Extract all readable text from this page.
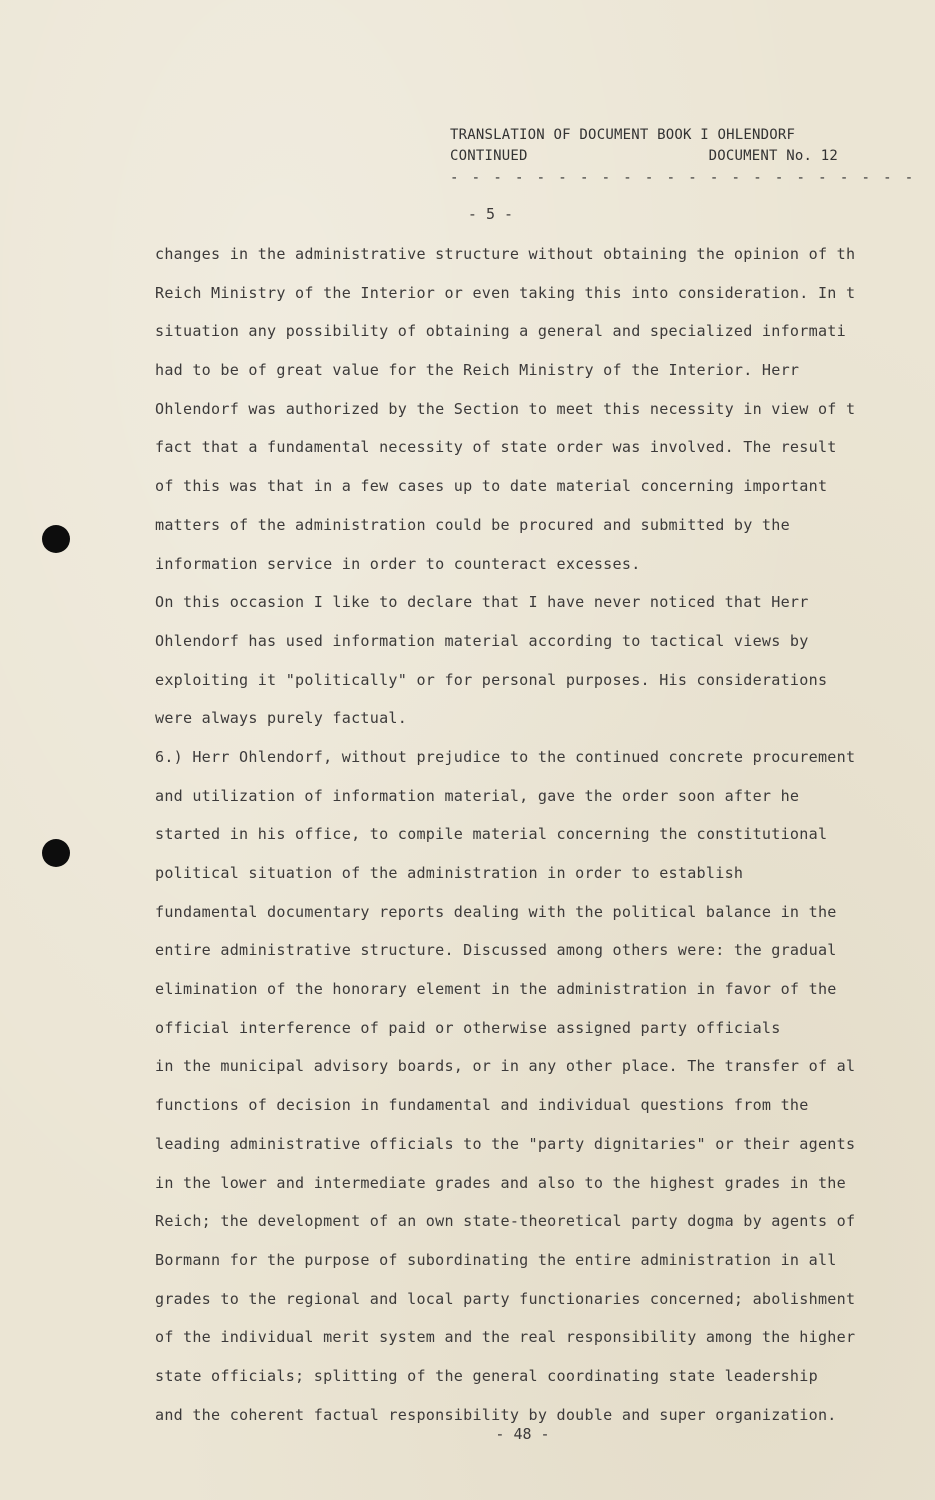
TRANSLATION OF DOCUMENT BOOK I OHLENDORF
CONTINUED	DOCUMENT No. 12
- - - - - - - - - - - - - - - - - - - - - -
- 5 -
changes in the administrative structure without obtaining the opinion of th
Reich Ministry of the Interior or even taking this into consideration. In t
situation any possibility of obtaining a general and specialized informati
had to be of great value for the Reich Ministry of the Interior. Herr
Ohlendorf was authorized by the Section to meet this necessity in view of t
fact that a fundamental necessity of state order was involved. The result
of this was that in a few cases up to date material concerning important
matters of the administration could be procured and submitted by the
information service in order to counteract excesses.
On this occasion I like to declare that I have never noticed that Herr
Ohlendorf has used information material according to tactical views by
exploiting it "politically" or for personal purposes. His considerations
were always purely factual.
6.) Herr Ohlendorf, without prejudice to the continued concrete procurement
and utilization of information material, gave the order soon after he
started in his office, to compile material concerning the constitutional
political situation of the administration in order to establish
fundamental documentary reports dealing with the political balance in the
entire administrative structure. Discussed among others were: the gradual
elimination of the honorary element in the administration in favor of the
official interference of paid or otherwise assigned party officials
in the municipal advisory boards, or in any other place. The transfer of al
functions of decision in fundamental and individual questions from the
leading administrative officials to the "party dignitaries" or their agents
in the lower and intermediate grades and also to the highest grades in the
Reich; the development of an own state-theoretical party dogma by agents of
Bormann for the purpose of subordinating the entire administration in all
grades to the regional and local party functionaries concerned; abolishment
of the individual merit system and the real responsibility among the higher
state officials; splitting of the general coordinating state leadership
and the coherent factual responsibility by double and super organization.
- 48 -
